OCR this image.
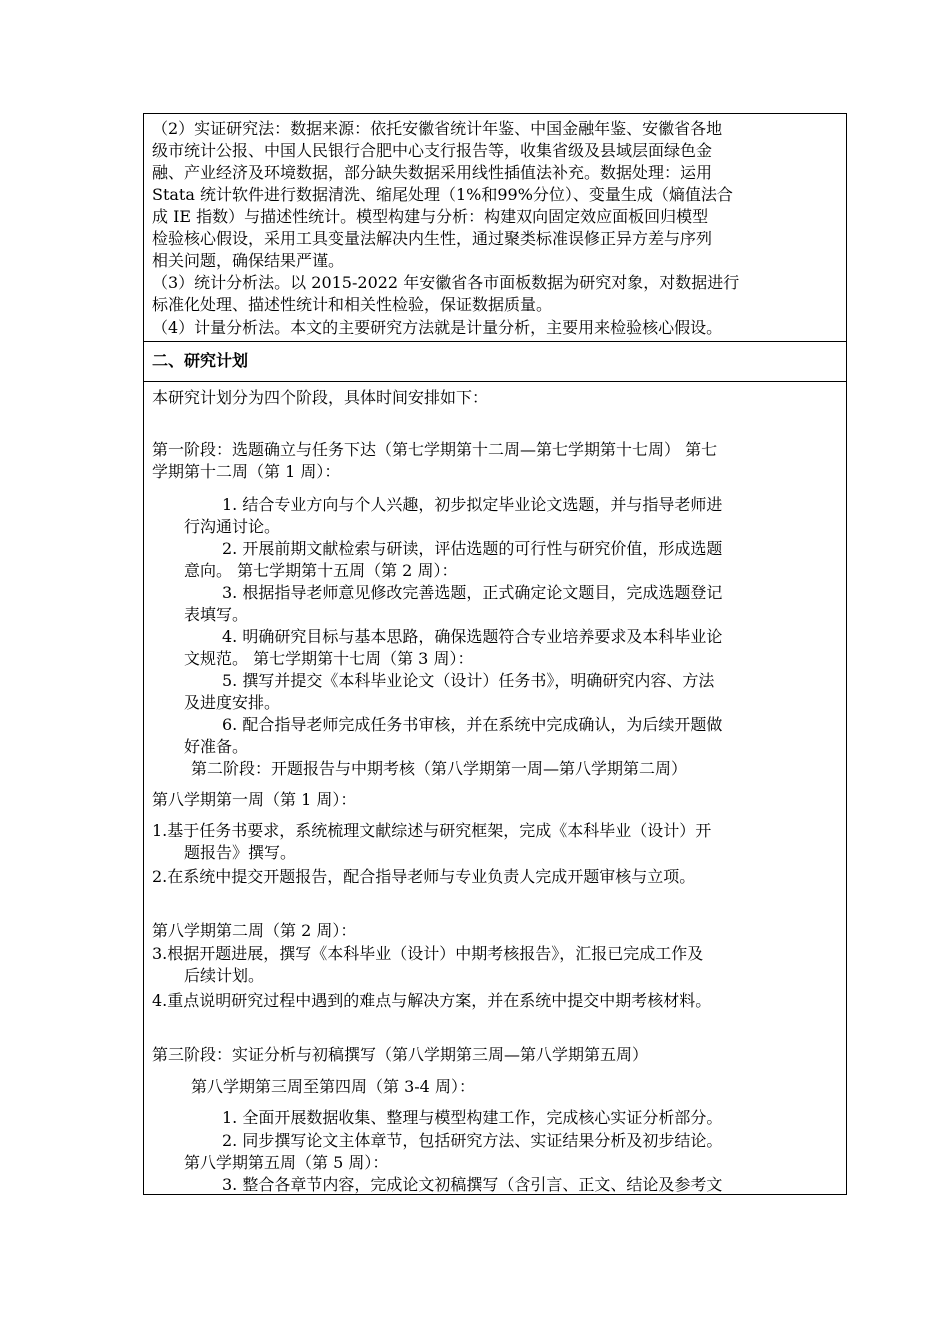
（2）实证研究法：数据来源：依托安徽省统计年鉴、中国金融年鉴、安徽省各地
级市统计公报、中国人民银行合肥中心支行报告等，收集省级及县域层面绿色金
融、产业经济及环境数据，部分缺失数据采用线性插值法补充。数据处理：运用
Stata 统计软件进行数据清洗、缩尾处理（1%和99%分位）、变量生成（熵值法合
成 IE 指数）与描述性统计。模型构建与分析：构建双向固定效应面板回归模型
检验核心假设，采用工具变量法解决内生性，通过聚类标准误修正异方差与序列
相关问题，确保结果严谨。
（3）统计分析法。以 2015-2022 年安徽省各市面板数据为研究对象，对数据进行
标准化处理、描述性统计和相关性检验，保证数据质量。
（4）计量分析法。本文的主要研究方法就是计量分析，主要用来检验核心假设。
二、研究计划
本研究计划分为四个阶段，具体时间安排如下：
第一阶段：选题确立与任务下达（第七学期第十二周—第七学期第十七周） 第七
学期第十二周（第 1 周）：
1. 结合专业方向与个人兴趣，初步拟定毕业论文选题，并与指导老师进
行沟通讨论。
2. 开展前期文献检索与研读，评估选题的可行性与研究价值，形成选题
意向。 第七学期第十五周（第 2 周）：
3. 根据指导老师意见修改完善选题，正式确定论文题目，完成选题登记
表填写。
4. 明确研究目标与基本思路，确保选题符合专业培养要求及本科毕业论
文规范。 第七学期第十七周（第 3 周）：
5. 撰写并提交《本科毕业论文（设计）任务书》，明确研究内容、方法
及进度安排。
6. 配合指导老师完成任务书审核，并在系统中完成确认，为后续开题做
好准备。
第二阶段：开题报告与中期考核（第八学期第一周—第八学期第二周）
第八学期第一周（第 1 周）：
1.基于任务书要求，系统梳理文献综述与研究框架，完成《本科毕业（设计）开
题报告》撰写。
2.在系统中提交开题报告，配合指导老师与专业负责人完成开题审核与立项。
第八学期第二周（第 2 周）：
3.根据开题进展，撰写《本科毕业（设计）中期考核报告》，汇报已完成工作及
后续计划。
4.重点说明研究过程中遇到的难点与解决方案，并在系统中提交中期考核材料。
第三阶段：实证分析与初稿撰写（第八学期第三周—第八学期第五周）
第八学期第三周至第四周（第 3-4 周）：
1. 全面开展数据收集、整理与模型构建工作，完成核心实证分析部分。
2. 同步撰写论文主体章节，包括研究方法、实证结果分析及初步结论。
第八学期第五周（第 5 周）：
3. 整合各章节内容，完成论文初稿撰写（含引言、正文、结论及参考文
